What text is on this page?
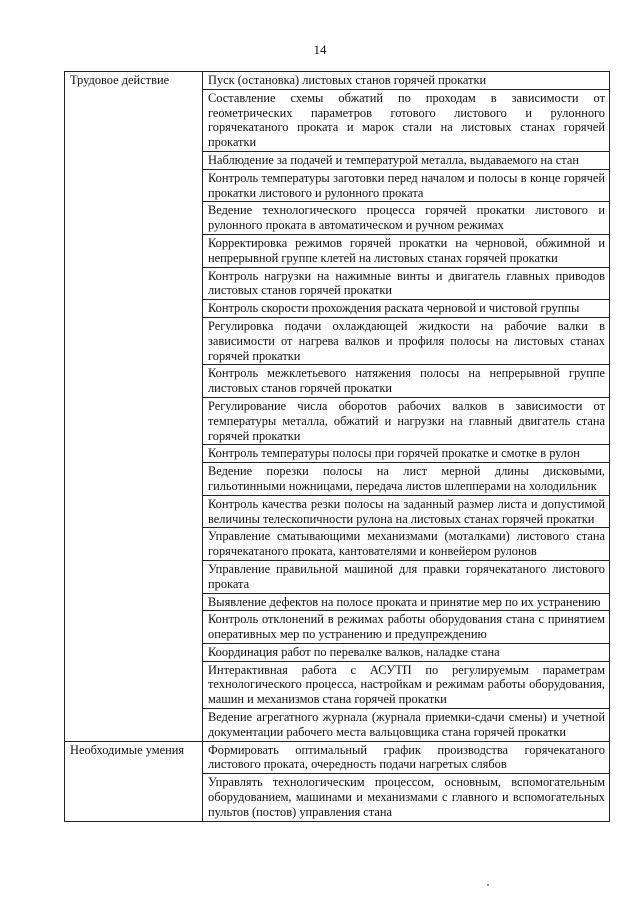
14
Трудовое действие	Пуск (остановка) листовых станов горячей прокатки
	Составление схемы обжатий по проходам в зависимости от геометрических параметров готового листового и рулонного горячекатаного проката и марок стали на листовых станах горячей прокатки
	Наблюдение за подачей и температурой металла, выдаваемого на стан
	Контроль температуры заготовки перед началом и полосы в конце горячей прокатки листового и рулонного проката
	Ведение технологического процесса горячей прокатки листового и рулонного проката в автоматическом и ручном режимах
	Корректировка режимов горячей прокатки на черновой, обжимной и непрерывной группе клетей на листовых станах горячей прокатки
	Контроль нагрузки на нажимные винты и двигатель главных приводов листовых станов горячей прокатки
	Контроль скорости прохождения раската черновой и чистовой группы
	Регулировка подачи охлаждающей жидкости на рабочие валки в зависимости от нагрева валков и профиля полосы на листовых станах горячей прокатки
	Контроль межклетьевого натяжения полосы на непрерывной группе листовых станов горячей прокатки
	Регулирование числа оборотов рабочих валков в зависимости от температуры металла, обжатий и нагрузки на главный двигатель стана горячей прокатки
	Контроль температуры полосы при горячей прокатке и смотке в рулон
	Ведение порезки полосы на лист мерной длины дисковыми, гильотинными ножницами, передача листов шлепперами на холодильник
	Контроль качества резки полосы на заданный размер листа и допустимой величины телескопичности рулона на листовых станах горячей прокатки
	Управление сматывающими механизмами (моталками) листового стана горячекатаного проката, кантователями и конвейером рулонов
	Управление правильной машиной для правки горячекатаного листового проката
	Выявление дефектов на полосе проката и принятие мер по их устранению
	Контроль отклонений в режимах работы оборудования стана с принятием оперативных мер по устранению и предупреждению
	Координация работ по перевалке валков, наладке стана
	Интерактивная работа с АСУТП по регулируемым параметрам технологического процесса, настройкам и режимам работы оборудования, машин и механизмов стана горячей прокатки
	Ведение агрегатного журнала (журнала приемки-сдачи смены) и учетной документации рабочего места вальцовщика стана горячей прокатки
Необходимые умения	Формировать оптимальный график производства горячекатаного листового проката, очередность подачи нагретых слябов
	Управлять технологическим процессом, основным, вспомогательным оборудованием, машинами и механизмами с главного и вспомогательных пультов (постов) управления стана
